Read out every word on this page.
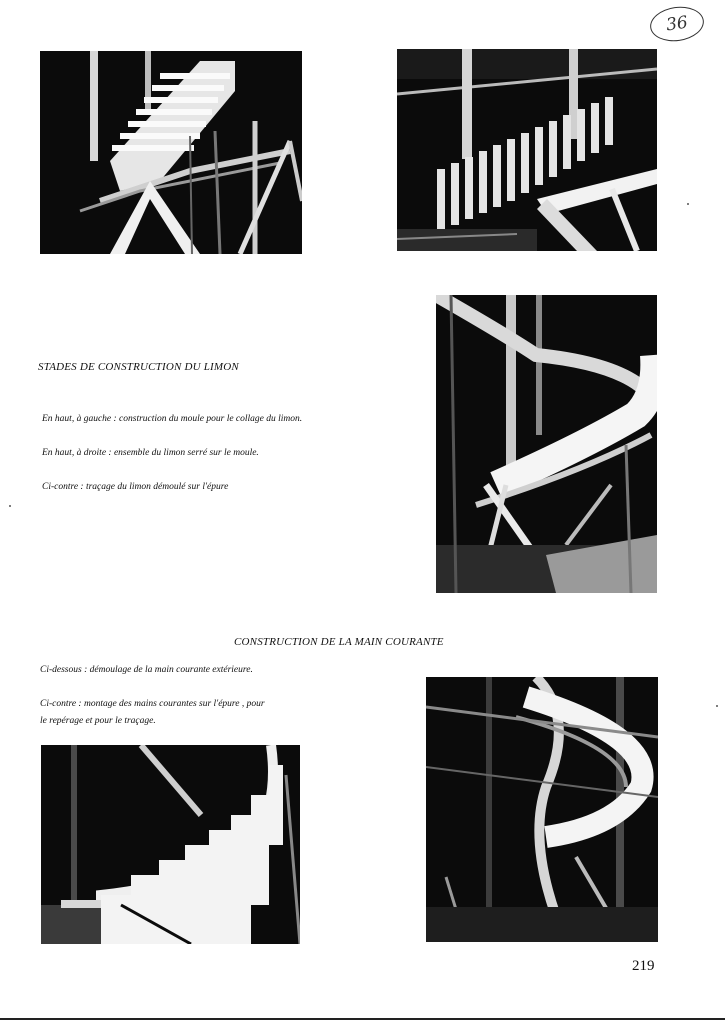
36
STADES DE CONSTRUCTION DU LIMON
En haut, à gauche : construction du moule pour le collage du limon.
En haut, à droite : ensemble du limon serré sur le moule.
Ci-contre : traçage du limon démoulé sur l'épure
CONSTRUCTION DE LA MAIN COURANTE
Ci-dessous : démoulage de la main courante extérieure.
Ci-contre : montage des mains courantes sur l'épure , pour
le repérage et pour le traçage.
219
